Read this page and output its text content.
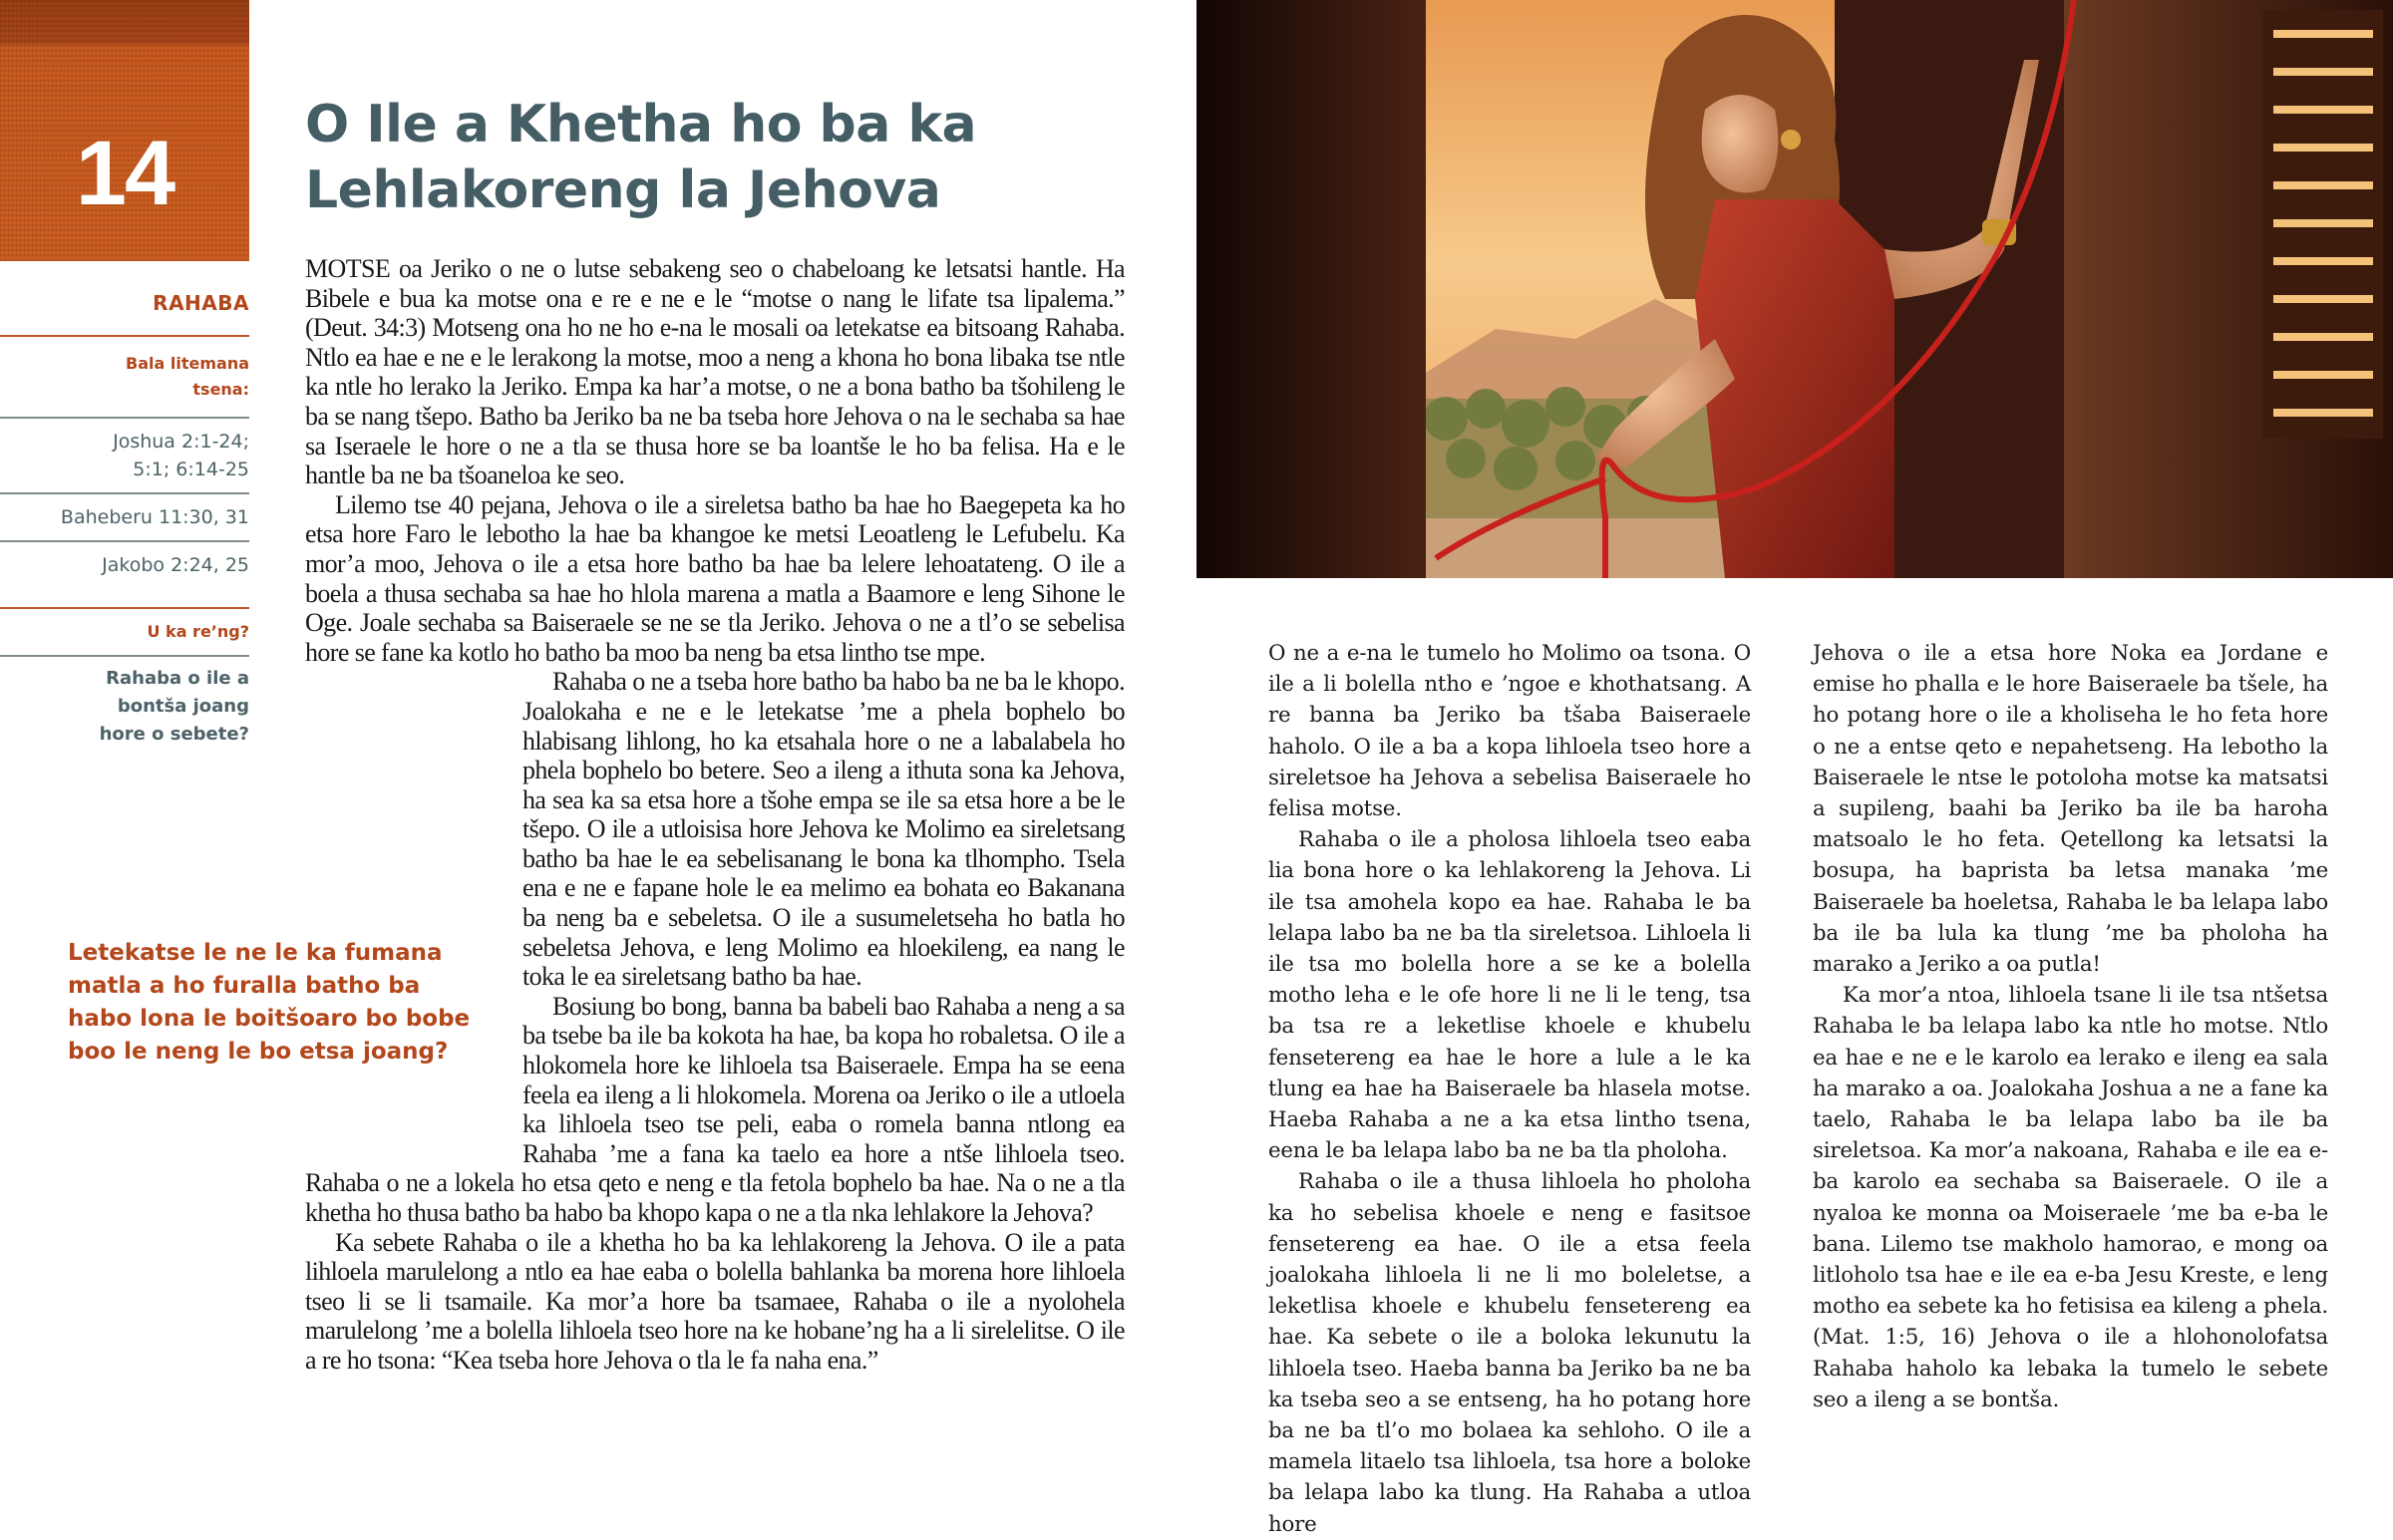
14	O Ile a Khetha ho ba ka
Lehlakoreng la Jehova
RAHABA
Bala litemana tsena:
Joshua 2:1-24; 5:1; 6:14-25
Baheberu 11:30, 31
Jakobo 2:24, 25
U ka re’ng?
Rahaba o ile a bontša joang hore o sebete?
Letekatse le ne le ka fumana matla a ho furalla batho ba habo lona le boitšoaro bo bobe boo le neng le bo etsa joang?

MOTSE oa Jeriko o ne o lutse sebakeng seo o chabeloang ke letsatsi hantle. Ha Bibele e bua ka motse ona e re e ne e le “motse o nang le lifate tsa lipalema.” (Deut. 34:3) Motseng ona ho ne ho e-na le mosali oa letekatse ea bitsoang Rahaba. Ntlo ea hae e ne e le lerakong la motse, moo a neng a khona ho bona libaka tse ntle ka ntle ho lerako la Jeriko. Empa ka har’a motse, o ne a bona batho ba tšohileng le ba se nang tšepo. Batho ba Jeriko ba ne ba tseba hore Jehova o na le sechaba sa hae sa Iseraele le hore o ne a tla se thusa hore se ba loantše le ho ba felisa. Ha e le hantle ba ne ba tšoaneloa ke seo.

Lilemo tse 40 pejana, Jehova o ile a sireletsa batho ba hae ho Baegepeta ka ho etsa hore Faro le lebotho la hae ba khangoe ke metsi Leoatleng le Lefubelu. Ka mor’a moo, Jehova o ile a etsa hore batho ba hae ba lelere lehoatateng. O ile a boela a thusa sechaba sa hae ho hlola marena a matla a Baamore e leng Sihone le Oge. Joale sechaba sa Baiseraele se ne se tla Jeriko. Jehova o ne a tl’o se sebelisa hore se fane ka kotlo ho batho ba moo ba neng ba etsa lintho tse mpe.

Rahaba o ne a tseba hore batho ba habo ba ne ba le khopo. Joalokaha e ne e le letekatse ’me a phela bophelo bo hlabisang lihlong, ho ka etsahala hore o ne a labalabela ho phela bophelo bo betere. Seo a ileng a ithuta sona ka Jehova, ha sea ka sa etsa hore a tšohe empa se ile sa etsa hore a be le tšepo. O ile a utloisisa hore Jehova ke Molimo ea sireletsang batho ba hae le ea sebelisanang le bona ka tlhompho. Tsela ena e ne e fapane hole le ea melimo ea bohata eo Bakanana ba neng ba e sebeletsa. O ile a susumeletseha ho batla ho sebeletsa Jehova, e leng Molimo ea hloekileng, ea nang le toka le ea sireletsang batho ba hae.

Bosiung bo bong, banna ba babeli bao Rahaba a neng a sa ba tsebe ba ile ba kokota ha hae, ba kopa ho robaletsa. O ile a hlokomela hore ke lihloela tsa Baiseraele. Empa ha se eena feela ea ileng a li hlokomela. Morena oa Jeriko o ile a utloela ka lihloela tseo tse peli, eaba o romela banna ntlong ea Rahaba ’me a fana ka taelo ea hore a ntše lihloela tseo. Rahaba o ne a lokela ho etsa qeto e neng e tla fetola bophelo ba hae. Na o ne a tla khetha ho thusa batho ba habo ba khopo kapa o ne a tla nka lehlakore la Jehova?

Ka sebete Rahaba o ile a khetha ho ba ka lehlakoreng la Jehova. O ile a pata lihloela marulelong a ntlo ea hae eaba o bolella bahlanka ba morena hore lihloela tseo li se li tsamaile. Ka mor’a hore ba tsamaee, Rahaba o ile a nyolohela marulelong ’me a bolella lihloela tseo hore na ke hobane’ng ha a li sirelelitse. O ile a re ho tsona: “Kea tseba hore Jehova o tla le fa naha ena.”

O ne a e-na le tumelo ho Molimo oa tsona. O ile a li bolella ntho e ’ngoe e khothatsang. A re banna ba Jeriko ba tšaba Baiseraele haholo. O ile a ba a kopa lihloela tseo hore a sireletsoe ha Jehova a sebelisa Baiseraele ho felisa motse.

Rahaba o ile a pholosa lihloela tseo eaba lia bona hore o ka lehlakoreng la Jehova. Li ile tsa amohela kopo ea hae. Rahaba le ba lelapa labo ba ne ba tla sireletsoa. Lihloela li ile tsa mo bolella hore a se ke a bolella motho leha e le ofe hore li ne li le teng, tsa ba tsa re a leketlise khoele e khubelu fensetereng ea hae le hore a lule a le ka tlung ea hae ha Baiseraele ba hlasela motse. Haeba Rahaba a ne a ka etsa lintho tsena, eena le ba lelapa labo ba ne ba tla pholoha.

Rahaba o ile a thusa lihloela ho pholoha ka ho sebelisa khoele e neng e fasitsoe fensetereng ea hae. O ile a etsa feela joalokaha lihloela li ne li mo boleletse, a leketlisa khoele e khubelu fensetereng ea hae. Ka sebete o ile a boloka lekunutu la lihloela tseo. Haeba banna ba Jeriko ba ne ba ka tseba seo a se entseng, ha ho potang hore ba ne ba tl’o mo bolaea ka sehloho. O ile a mamela litaelo tsa lihloela, tsa hore a boloke ba lelapa labo ka tlung. Ha Rahaba a utloa hore

Jehova o ile a etsa hore Noka ea Jordane e emise ho phalla e le hore Baiseraele ba tšele, ha ho potang hore o ile a kholiseha le ho feta hore o ne a entse qeto e nepahetseng. Ha lebotho la Baiseraele le ntse le potoloha motse ka matsatsi a supileng, baahi ba Jeriko ba ile ba haroha matsoalo le ho feta. Qetellong ka letsatsi la bosupa, ha baprista ba letsa manaka ’me Baiseraele ba hoeletsa, Rahaba le ba lelapa labo ba ile ba lula ka tlung ’me ba pholoha ha marako a Jeriko a oa putla!

Ka mor’a ntoa, lihloela tsane li ile tsa ntšetsa Rahaba le ba lelapa labo ka ntle ho motse. Ntlo ea hae e ne e le karolo ea lerako e ileng ea sala ha marako a oa. Joalokaha Joshua a ne a fane ka taelo, Rahaba le ba lelapa labo ba ile ba sireletsoa. Ka mor’a nakoana, Rahaba e ile ea e-ba karolo ea sechaba sa Baiseraele. O ile a nyaloa ke monna oa Moiseraele ’me ba e-ba le bana. Lilemo tse makholo hamorao, e mong oa litloholo tsa hae e ile ea e-ba Jesu Kreste, e leng motho ea sebete ka ho fetisisa ea kileng a phela. (Mat. 1:5, 16) Jehova o ile a hlohonolofatsa Rahaba haholo ka lebaka la tumelo le sebete seo a ileng a se bontša.
